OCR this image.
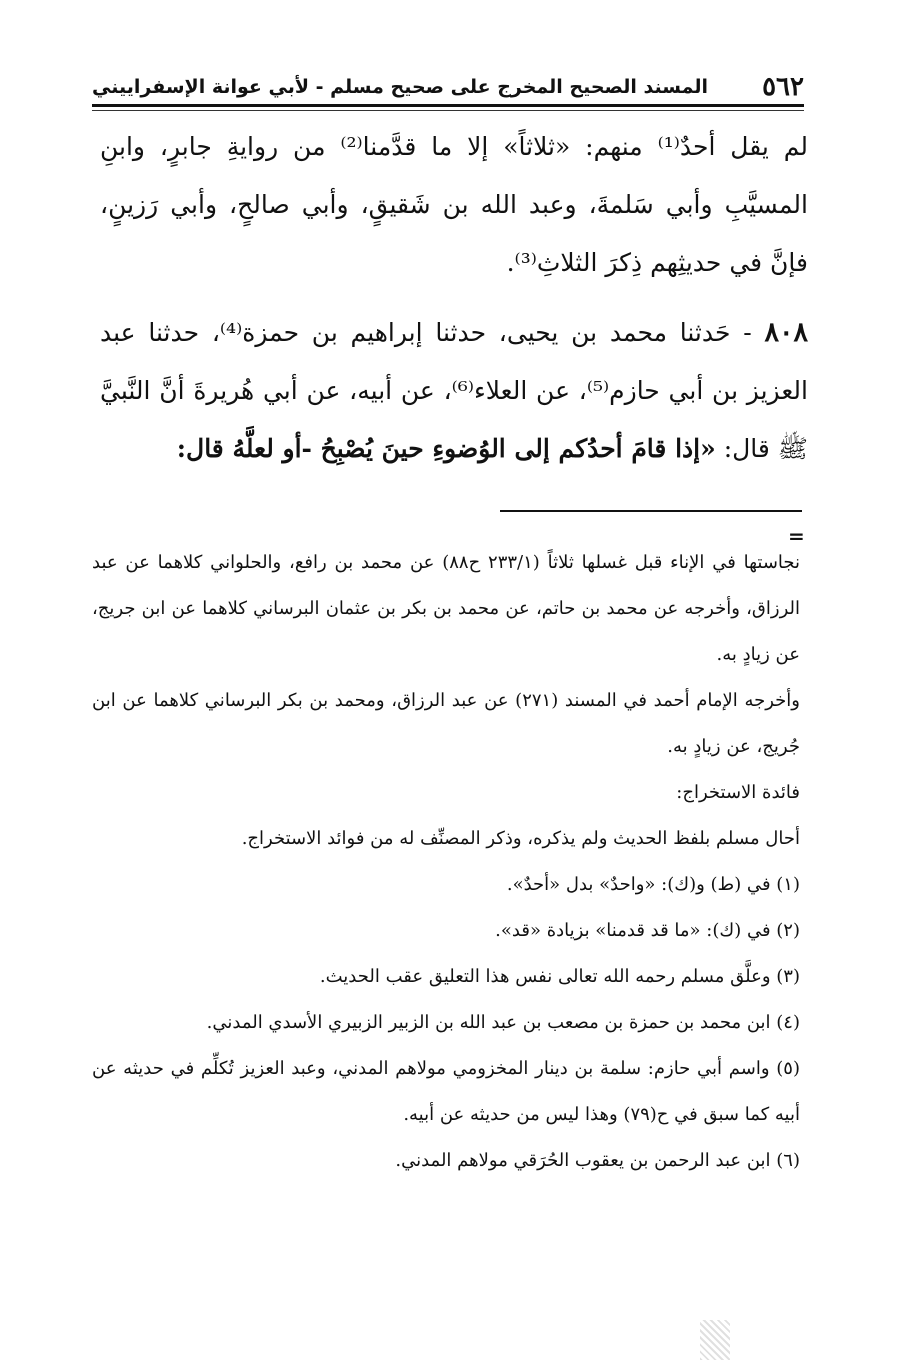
٥٦٢
المسند الصحيح المخرج على صحيح مسلم - لأبي عوانة الإسفراييني

لم يقل أحدٌ⁽¹⁾ منهم: «ثلاثاً» إلا ما قدَّمنا⁽²⁾ من روايةِ جابرٍ، وابنِ المسيَّبِ وأبي سَلمةَ، وعبد الله بن شَقيقٍ، وأبي صالحٍ، وأبي رَزينٍ، فإنَّ في حديثِهم ذِكرَ الثلاثِ⁽³⁾.

٨٠٨ - حَدثنا محمد بن يحيى، حدثنا إبراهيم بن حمزة⁽⁴⁾، حدثنا عبد العزيز بن أبي حازم⁽⁵⁾، عن العلاء⁽⁶⁾، عن أبيه، عن أبي هُريرةَ أنَّ النَّبيَّ ﷺ قال: «إذا قامَ أحدُكم إلى الوُضوءِ حينَ يُصْبِحُ -أو لعلَّهُ قال:

=

نجاستها في الإناء قبل غسلها ثلاثاً (٢٣٣/١ ح٨٨) عن محمد بن رافع، والحلواني كلاهما عن عبد الرزاق، وأخرجه عن محمد بن حاتم، عن محمد بن بكر بن عثمان البرساني كلاهما عن ابن جريج، عن زيادٍ به.

وأخرجه الإمام أحمد في المسند (٢٧١) عن عبد الرزاق، ومحمد بن بكر البرساني كلاهما عن ابن جُريج، عن زيادٍ به.

فائدة الاستخراج:

أحال مسلم بلفظ الحديث ولم يذكره، وذكر المصنِّف له من فوائد الاستخراج.

(١) في (ط) و(ك): «واحدٌ» بدل «أحدٌ».

(٢) في (ك): «ما قد قدمنا» بزيادة «قد».

(٣) وعلَّق مسلم رحمه الله تعالى نفس هذا التعليق عقب الحديث.

(٤) ابن محمد بن حمزة بن مصعب بن عبد الله بن الزبير الزبيري الأسدي المدني.

(٥) واسم أبي حازم: سلمة بن دينار المخزومي مولاهم المدني، وعبد العزيز تُكلِّم في حديثه عن أبيه كما سبق في ح(٧٩) وهذا ليس من حديثه عن أبيه.

(٦) ابن عبد الرحمن بن يعقوب الحُرَقي مولاهم المدني.
